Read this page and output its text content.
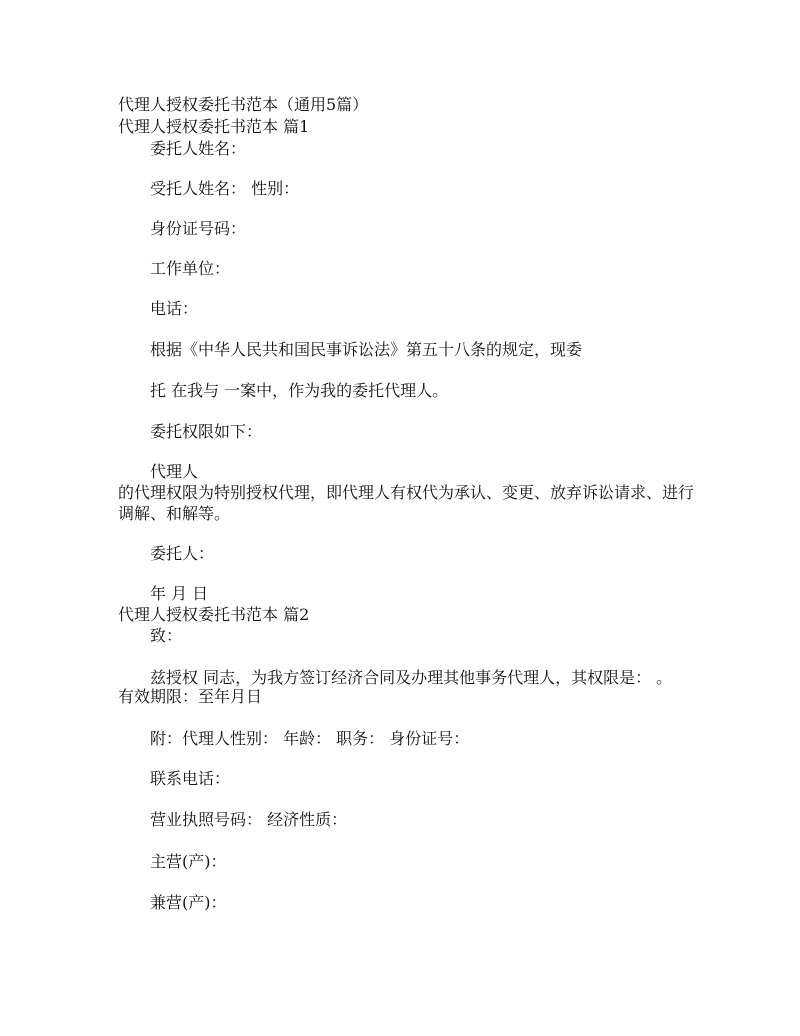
代理人授权委托书范本（通用5篇）
代理人授权委托书范本 篇1

委托人姓名：

受托人姓名： 性别：

身份证号码：

工作单位：

电话：

根据《中华人民共和国民事诉讼法》第五十八条的规定，现委

托 在我与 一案中，作为我的委托代理人。

委托权限如下：

代理人

的代理权限为特别授权代理，即代理人有权代为承认、变更、放弃诉讼请求、进行

调解、和解等。

委托人：

年 月 日

代理人授权委托书范本 篇2

致：

兹授权 同志，为我方签订经济合同及办理其他事务代理人，其权限是： 。

有效期限：至年月日

附：代理人性别： 年龄： 职务： 身份证号：

联系电话：

营业执照号码： 经济性质：

主营(产)：

兼营(产)：
